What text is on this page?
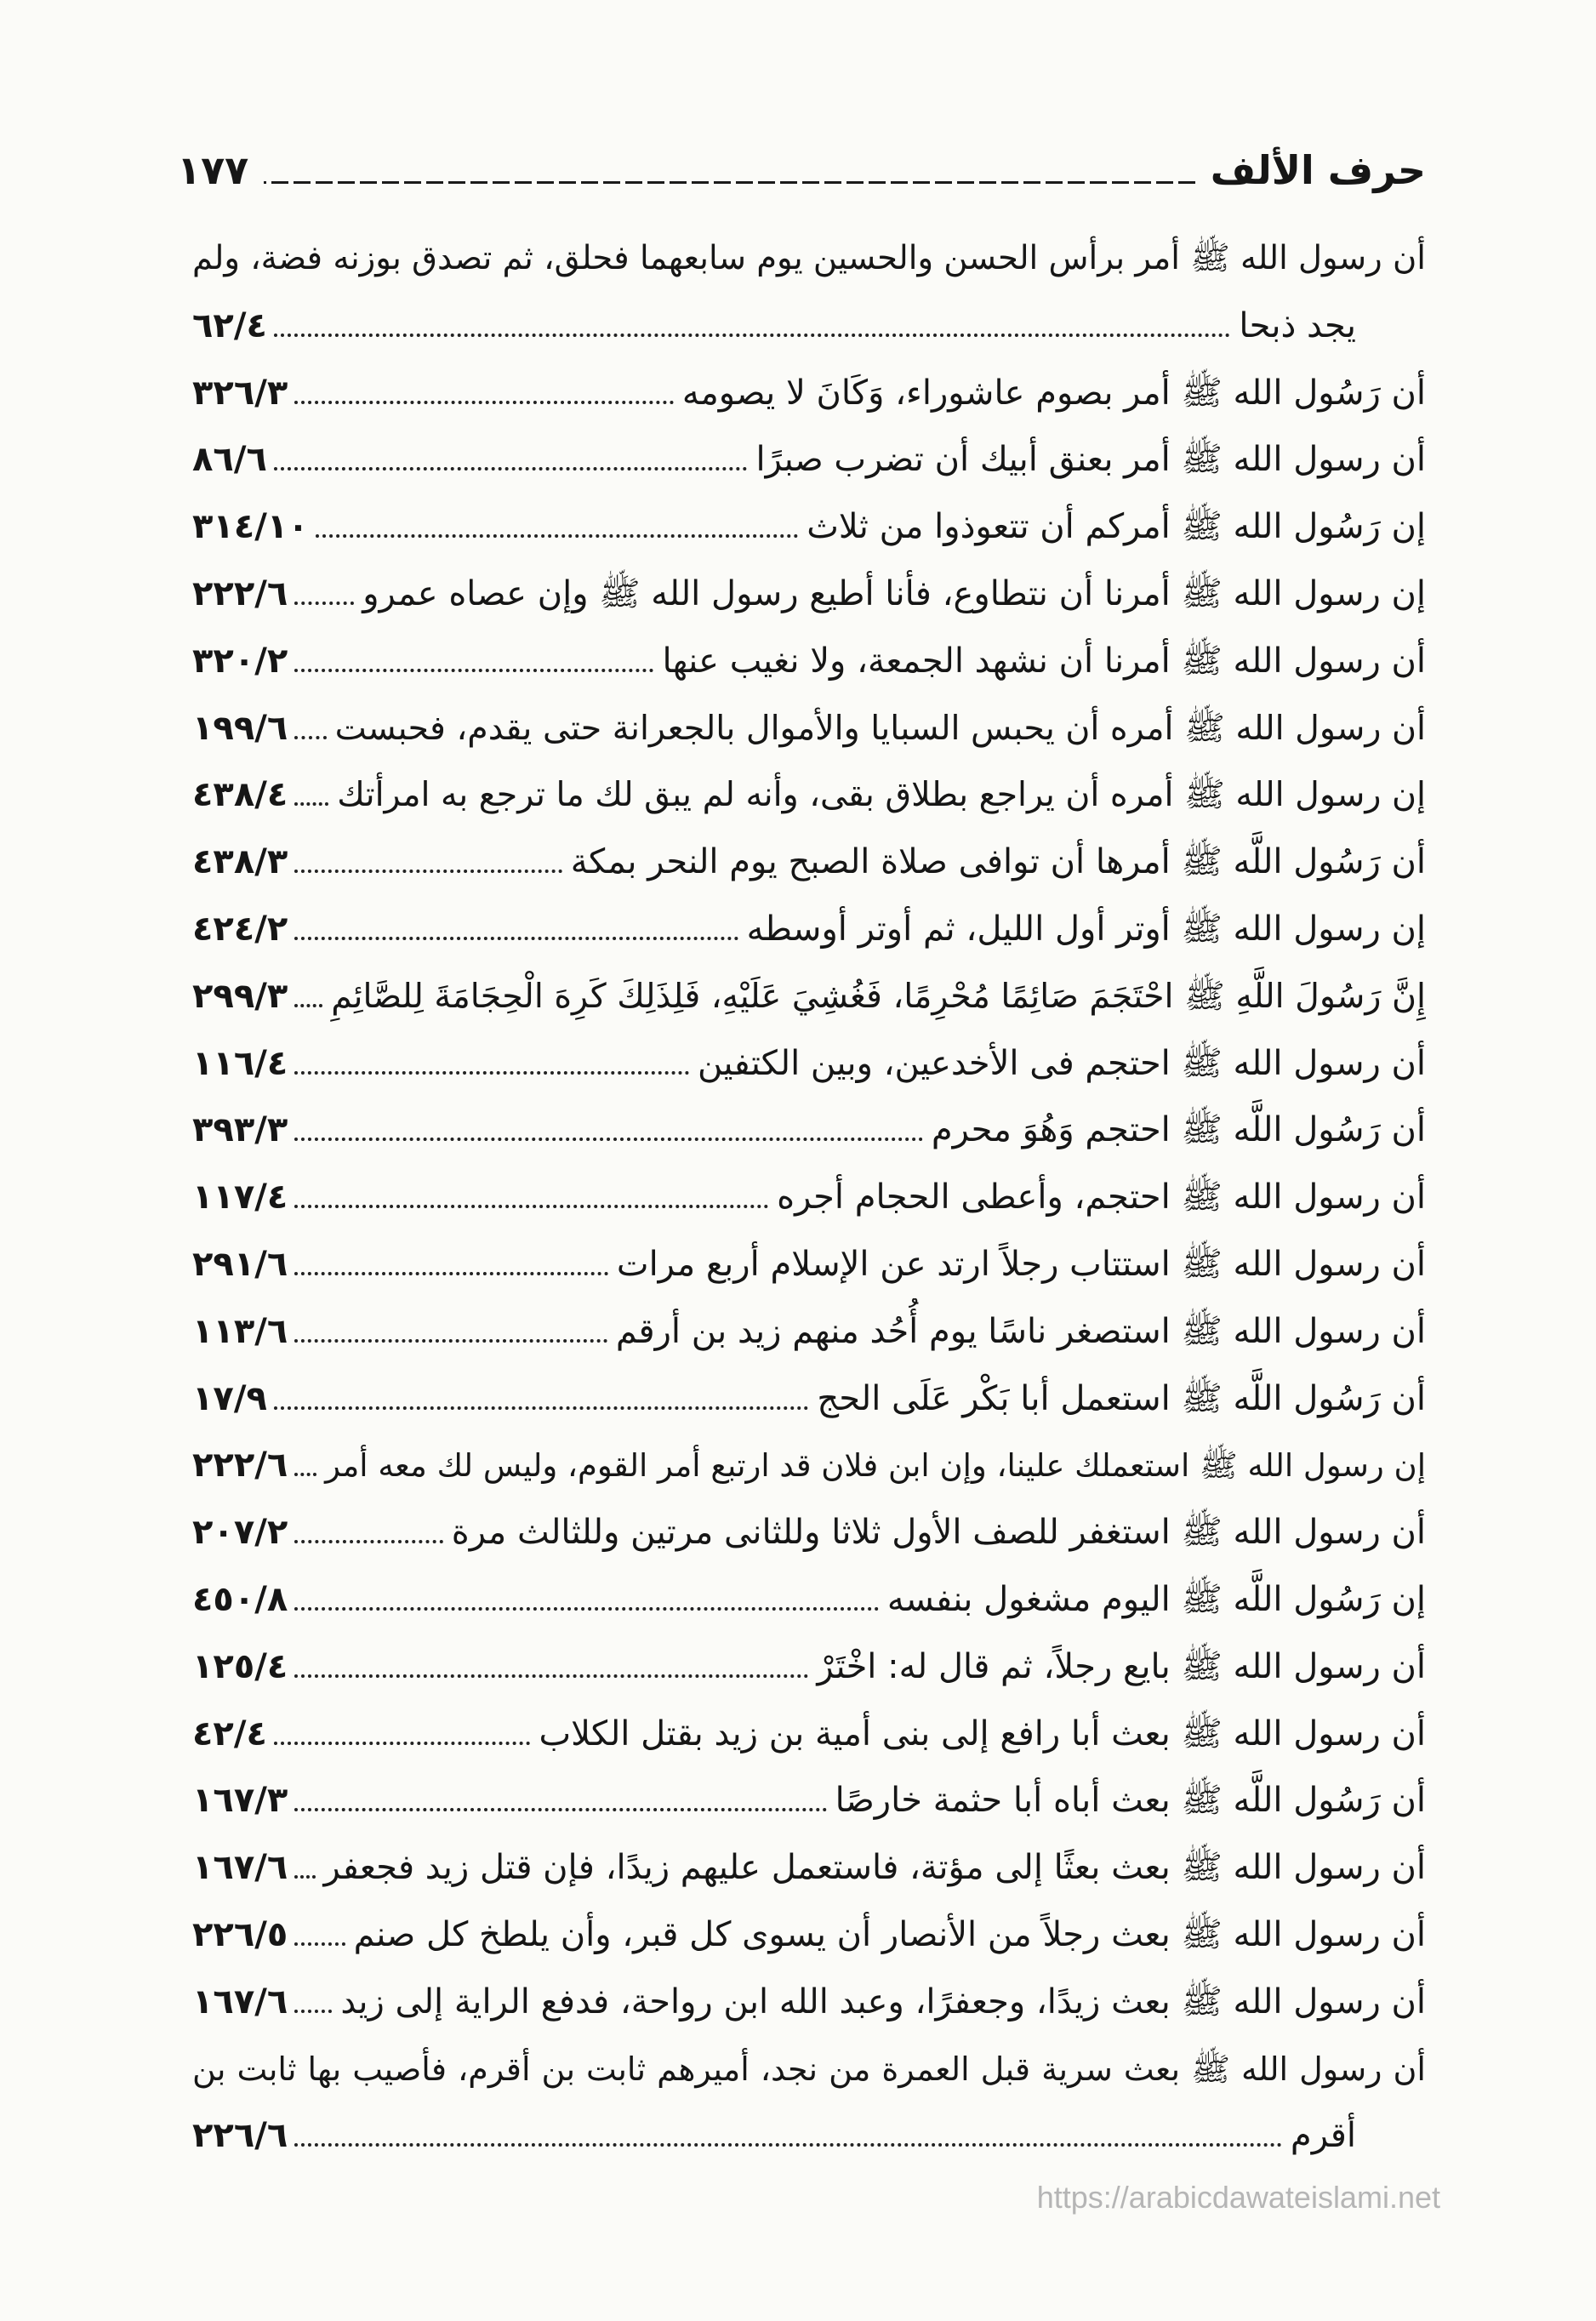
حرف الألف
١٧٧
أن رسول الله ﷺ أمر برأس الحسن والحسين يوم سابعهما فحلق، ثم تصدق بوزنه فضة، ولم
يجد ذبحا
٦٢/٤
أن رَسُول الله ﷺ أمر بصوم عاشوراء، وَكَانَ لا يصومه
٣٢٦/٣
أن رسول الله ﷺ أمر بعنق أبيك أن تضرب صبرًا
٨٦/٦
إن رَسُول الله ﷺ أمركم أن تتعوذوا من ثلاث
٣١٤/١٠
إن رسول الله ﷺ أمرنا أن نتطاوع، فأنا أطيع رسول الله ﷺ وإن عصاه عمرو
٢٢٢/٦
أن رسول الله ﷺ أمرنا أن نشهد الجمعة، ولا نغيب عنها
٣٢٠/٢
أن رسول الله ﷺ أمره أن يحبس السبايا والأموال بالجعرانة حتى يقدم، فحبست
١٩٩/٦
إن رسول الله ﷺ أمره أن يراجع بطلاق بقى، وأنه لم يبق لك ما ترجع به امرأتك
٤٣٨/٤
أن رَسُول اللَّه ﷺ أمرها أن توافى صلاة الصبح يوم النحر بمكة
٤٣٨/٣
إن رسول الله ﷺ أوتر أول الليل، ثم أوتر أوسطه
٤٢٤/٢
إِنَّ رَسُولَ اللَّهِ ﷺ احْتَجَمَ صَائِمًا مُحْرِمًا، فَغُشِيَ عَلَيْهِ، فَلِذَلِكَ كَرِهَ الْحِجَامَةَ لِلصَّائِمِ
٢٩٩/٣
أن رسول الله ﷺ احتجم فى الأخدعين، وبين الكتفين
١١٦/٤
أن رَسُول اللَّه ﷺ احتجم وَهُوَ محرم
٣٩٣/٣
أن رسول الله ﷺ احتجم، وأعطى الحجام أجره
١١٧/٤
أن رسول الله ﷺ استتاب رجلاً ارتد عن الإسلام أربع مرات
٢٩١/٦
أن رسول الله ﷺ استصغر ناسًا يوم أُحُد منهم زيد بن أرقم
١١٣/٦
أن رَسُول اللَّه ﷺ استعمل أبا بَكْر عَلَى الحج
١٧/٩
إن رسول الله ﷺ استعملك علينا، وإن ابن فلان قد ارتبع أمر القوم، وليس لك معه أمر
٢٢٢/٦
أن رسول الله ﷺ استغفر للصف الأول ثلاثا وللثانى مرتين وللثالث مرة
٢٠٧/٢
إن رَسُول اللَّه ﷺ اليوم مشغول بنفسه
٤٥٠/٨
أن رسول الله ﷺ بايع رجلاً، ثم قال له: اخْتَرْ
١٢٥/٤
أن رسول الله ﷺ بعث أبا رافع إلى بنى أمية بن زيد بقتل الكلاب
٤٢/٤
أن رَسُول اللَّه ﷺ بعث أباه أبا حثمة خارصًا
١٦٧/٣
أن رسول الله ﷺ بعث بعثًا إلى مؤتة، فاستعمل عليهم زيدًا، فإن قتل زيد فجعفر
١٦٧/٦
أن رسول الله ﷺ بعث رجلاً من الأنصار أن يسوى كل قبر، وأن يلطخ كل صنم
٢٢٦/٥
أن رسول الله ﷺ بعث زيدًا، وجعفرًا، وعبد الله ابن رواحة، فدفع الراية إلى زيد
١٦٧/٦
أن رسول الله ﷺ بعث سرية قبل العمرة من نجد، أميرهم ثابت بن أقرم، فأصيب بها ثابت بن
أقرم
٢٢٦/٦
https://arabicdawateislami.net
